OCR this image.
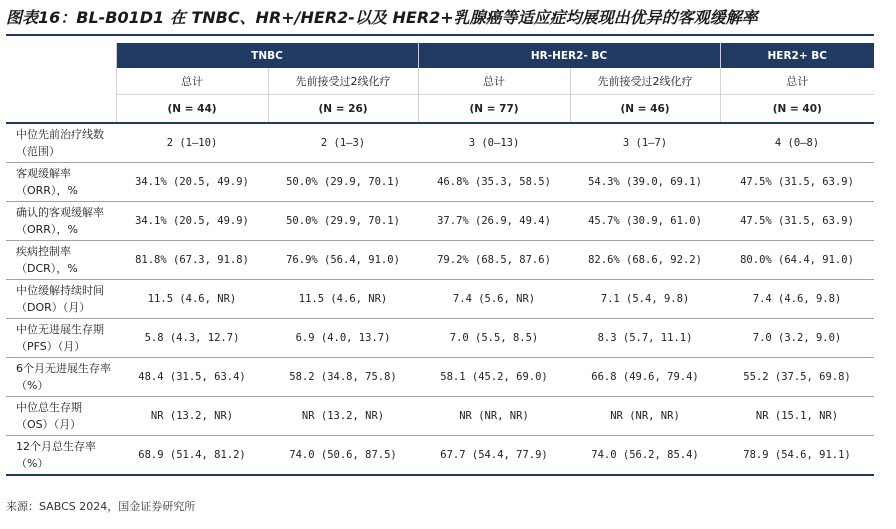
图表16：BL-B01D1 在 TNBC、HR+/HER2-以及 HER2+乳腺癌等适应症均展现出优异的客观缓解率
	TNBC		HR-HER2- BC		HER2+ BC
	总计	先前接受过2线化疗	总计	先前接受过2线化疗	总计
	(N = 44)	(N = 26)	(N = 77)	(N = 46)	(N = 40)
中位先前治疗线数（范围）	2 (1–10)	2 (1–3)	3 (0–13)	3 (1–7)	4 (0–8)
客观缓解率（ORR），%	34.1% (20.5, 49.9)	50.0% (29.9, 70.1)	46.8% (35.3, 58.5)	54.3% (39.0, 69.1)	47.5% (31.5, 63.9)
确认的客观缓解率（ORR），%	34.1% (20.5, 49.9)	50.0% (29.9, 70.1)	37.7% (26.9, 49.4)	45.7% (30.9, 61.0)	47.5% (31.5, 63.9)
疾病控制率（DCR），%	81.8% (67.3, 91.8)	76.9% (56.4, 91.0)	79.2% (68.5, 87.6)	82.6% (68.6, 92.2)	80.0% (64.4, 91.0)
中位缓解持续时间（DOR）（月）	11.5 (4.6, NR)	11.5 (4.6, NR)	7.4 (5.6, NR)	7.1 (5.4, 9.8)	7.4 (4.6, 9.8)
中位无进展生存期（PFS）（月）	5.8 (4.3, 12.7)	6.9 (4.0, 13.7)	7.0 (5.5, 8.5)	8.3 (5.7, 11.1)	7.0 (3.2, 9.0)
6个月无进展生存率（%）	48.4 (31.5, 63.4)	58.2 (34.8, 75.8)	58.1 (45.2, 69.0)	66.8 (49.6, 79.4)	55.2 (37.5, 69.8)
中位总生存期（OS）（月）	NR (13.2, NR)	NR (13.2, NR)	NR (NR, NR)	NR (NR, NR)	NR (15.1, NR)
12个月总生存率（%）	68.9 (51.4, 81.2)	74.0 (50.6, 87.5)	67.7 (54.4, 77.9)	74.0 (56.2, 85.4)	78.9 (54.6, 91.1)
来源：SABCS 2024，国金证券研究所
